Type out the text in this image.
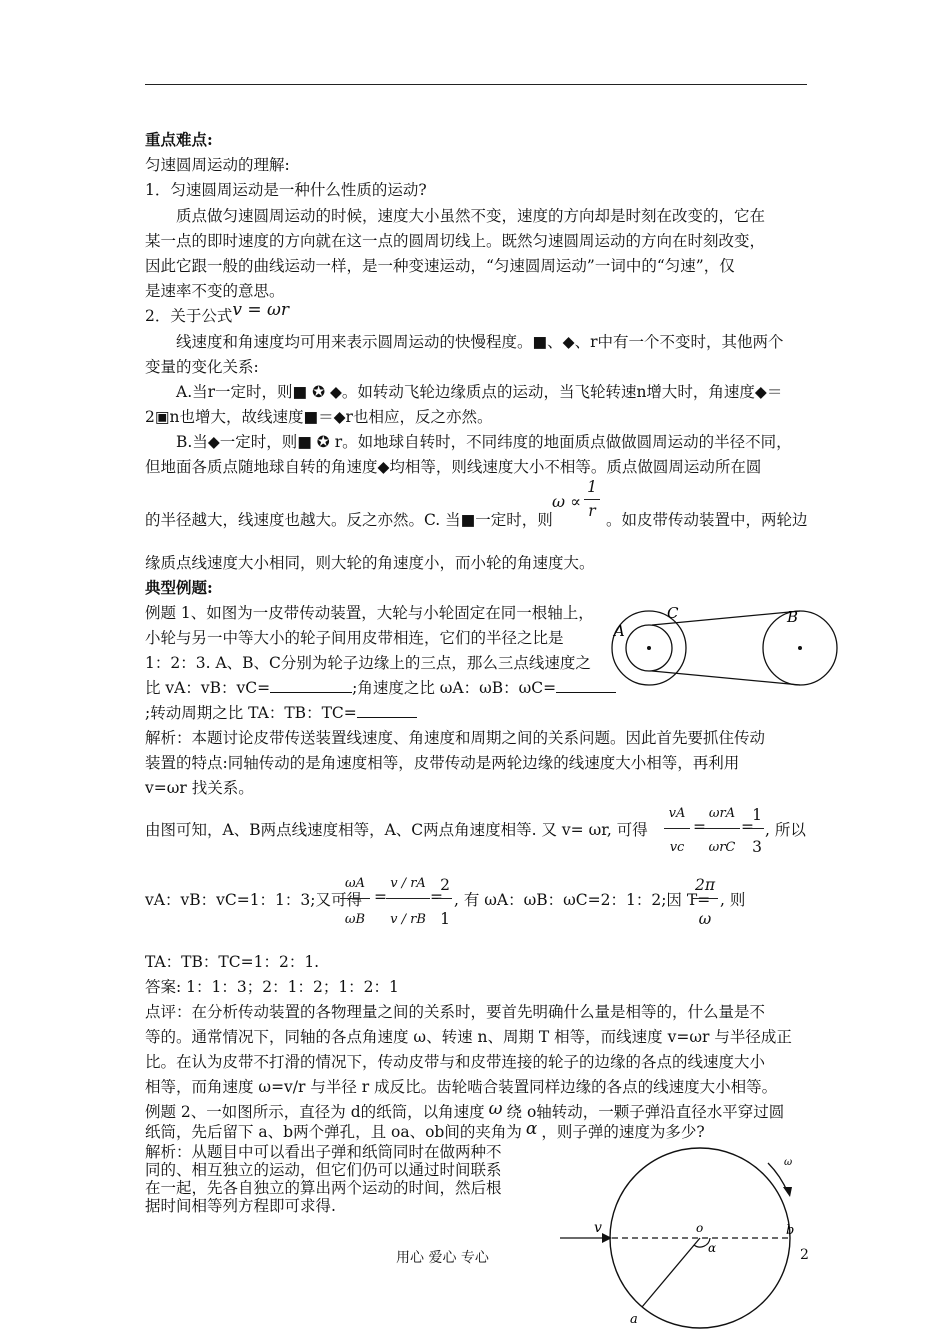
重点难点:
匀速圆周运动的理解:
1．匀速圆周运动是一种什么性质的运动?
质点做匀速圆周运动的时候，速度大小虽然不变，速度的方向却是时刻在改变的，它在
某一点的即时速度的方向就在这一点的圆周切线上。既然匀速圆周运动的方向在时刻改变，
因此它跟一般的曲线运动一样，是一种变速运动，“匀速圆周运动”一词中的“匀速”，仅
是速率不变的意思。
2．关于公式v = ωr
线速度和角速度均可用来表示圆周运动的快慢程度。■、◆、r中有一个不变时，其他两个
变量的变化关系:
A.当r一定时，则■ ✪ ◆。如转动飞轮边缘质点的运动，当飞轮转速n增大时，角速度◆＝
2▣n也增大，故线速度■＝◆r也相应，反之亦然。
B.当◆一定时，则■ ✪ r。如地球自转时，不同纬度的地面质点做做圆周运动的半径不同，
但地面各质点随地球自转的角速度◆均相等，则线速度大小不相等。质点做圆周运动所在圆
的半径越大，线速度也越大。反之亦然。C. 当■一定时，则
ω ∝
1
r 。如皮带传动装置中，两轮边
缘质点线速度大小相同，则大轮的角速度小，而小轮的角速度大。
典型例题:
例题 1、如图为一皮带传动装置，大轮与小轮固定在同一根轴上，
小轮与另一中等大小的轮子间用皮带相连，它们的半径之比是
1：2：3. A、B、C分别为轮子边缘上的三点，那么三点线速度之
比 vA：vB：vC=	;角速度之比 ωA：ωB：ωC=
;转动周期之比 TA：TB：TC=
A
C	B
解析：本题讨论皮带传送装置线速度、角速度和周期之间的关系问题。因此首先要抓住传动
装置的特点:同轴传动的是角速度相等，皮带传动是两轮边缘的线速度大小相等，再利用
v=ωr 找关系。
由图可知，A、B两点线速度相等，A、C两点角速度相等. 又 v= ωr, 可得
vA
vc
=
ωrA
ωrC
=
1
3
, 所以
vA：vB：vC=1：1：3;又可得
ωA
ωB
=
v / rA
v / rB
=
2
1
, 有 ωA：ωB：ωC=2：1：2;因 T=
2π
ω
, 则
TA：TB：TC=1：2：1.
答案: 1：1：3；2：1：2；1：2：1
点评：在分析传动装置的各物理量之间的关系时，要首先明确什么量是相等的，什么量是不
等的。通常情况下，同轴的各点角速度 ω、转速 n、周期 T 相等，而线速度 v=ωr 与半径成正
比。在认为皮带不打滑的情况下，传动皮带与和皮带连接的轮子的边缘的各点的线速度大小
相等，而角速度 ω=v/r 与半径 r 成反比。齿轮啮合装置同样边缘的各点的线速度大小相等。
例题 2、一如图所示，直径为 d的纸筒，以角速度 ω 绕 o轴转动，一颗子弹沿直径水平穿过圆
纸筒，先后留下 a、b两个弹孔，且 oa、ob间的夹角为 α ，则子弹的速度为多少?
解析：从题目中可以看出子弹和纸筒同时在做两种不
同的、相互独立的运动，但它们仍可以通过时间联系
在一起，先各自独立的算出两个运动的时间，然后根
据时间相等列方程即可求得.
v	o
α
b
a
ω
用心 爱心 专心	2
